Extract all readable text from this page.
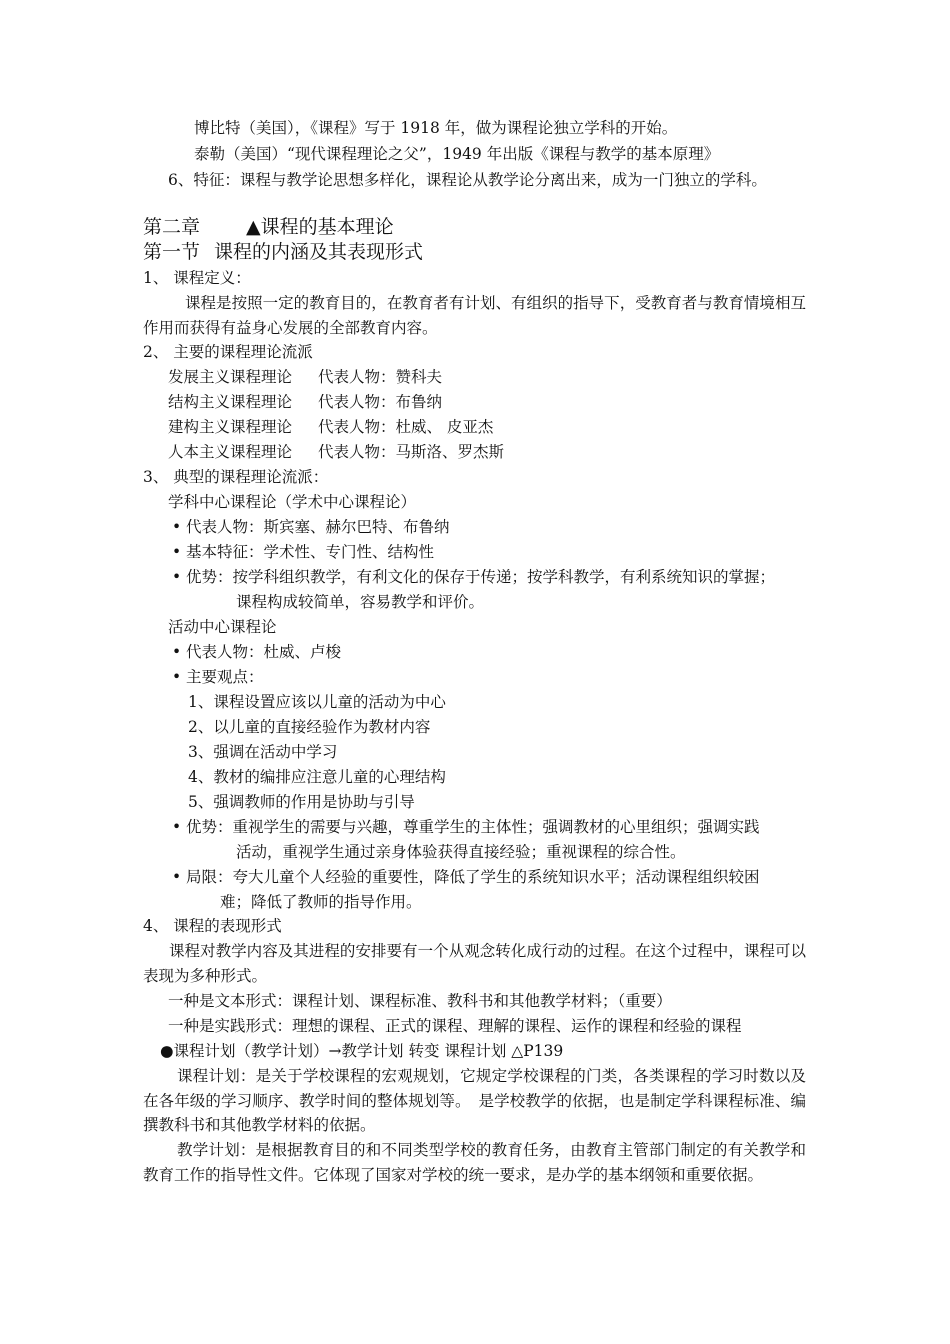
博比特（美国），《课程》写于 1918 年，做为课程论独立学科的开始。
泰勒（美国）“现代课程理论之父”，1949 年出版《课程与教学的基本原理》
6、特征：课程与教学论思想多样化，课程论从教学论分离出来，成为一门独立的学科。
第二章 ▲课程的基本理论
第一节 课程的内涵及其表现形式
1、 课程定义：
课程是按照一定的教育目的，在教育者有计划、有组织的指导下，受教育者与教育情境相互作用而获得有益身心发展的全部教育内容。
2、 主要的课程理论流派
发展主义课程理论 代表人物：赞科夫
结构主义课程理论 代表人物：布鲁纳
建构主义课程理论 代表人物：杜威、 皮亚杰
人本主义课程理论 代表人物：马斯洛、罗杰斯
3、 典型的课程理论流派：
学科中心课程论（学术中心课程论）
• 代表人物：斯宾塞、赫尔巴特、布鲁纳
• 基本特征：学术性、专门性、结构性
• 优势：按学科组织教学，有利文化的保存于传递；按学科教学，有利系统知识的掌握；
课程构成较简单，容易教学和评价。
活动中心课程论
• 代表人物：杜威、卢梭
• 主要观点：
1、课程设置应该以儿童的活动为中心
2、以儿童的直接经验作为教材内容
3、强调在活动中学习
4、教材的编排应注意儿童的心理结构
5、强调教师的作用是协助与引导
• 优势：重视学生的需要与兴趣，尊重学生的主体性；强调教材的心里组织；强调实践
活动，重视学生通过亲身体验获得直接经验；重视课程的综合性。
• 局限：夸大儿童个人经验的重要性，降低了学生的系统知识水平；活动课程组织较困
难；降低了教师的指导作用。
4、 课程的表现形式
课程对教学内容及其进程的安排要有一个从观念转化成行动的过程。在这个过程中，课程可以表现为多种形式。
一种是文本形式：课程计划、课程标准、教科书和其他教学材料；（重要）
一种是实践形式：理想的课程、正式的课程、理解的课程、运作的课程和经验的课程
●课程计划（教学计划）→教学计划 转变 课程计划 △P139
课程计划：是关于学校课程的宏观规划，它规定学校课程的门类，各类课程的学习时数以及在各年级的学习顺序、教学时间的整体规划等。　是学校教学的依据，也是制定学科课程标准、编撰教科书和其他教学材料的依据。
教学计划：是根据教育目的和不同类型学校的教育任务，由教育主管部门制定的有关教学和教育工作的指导性文件。它体现了国家对学校的统一要求，是办学的基本纲领和重要依据。
